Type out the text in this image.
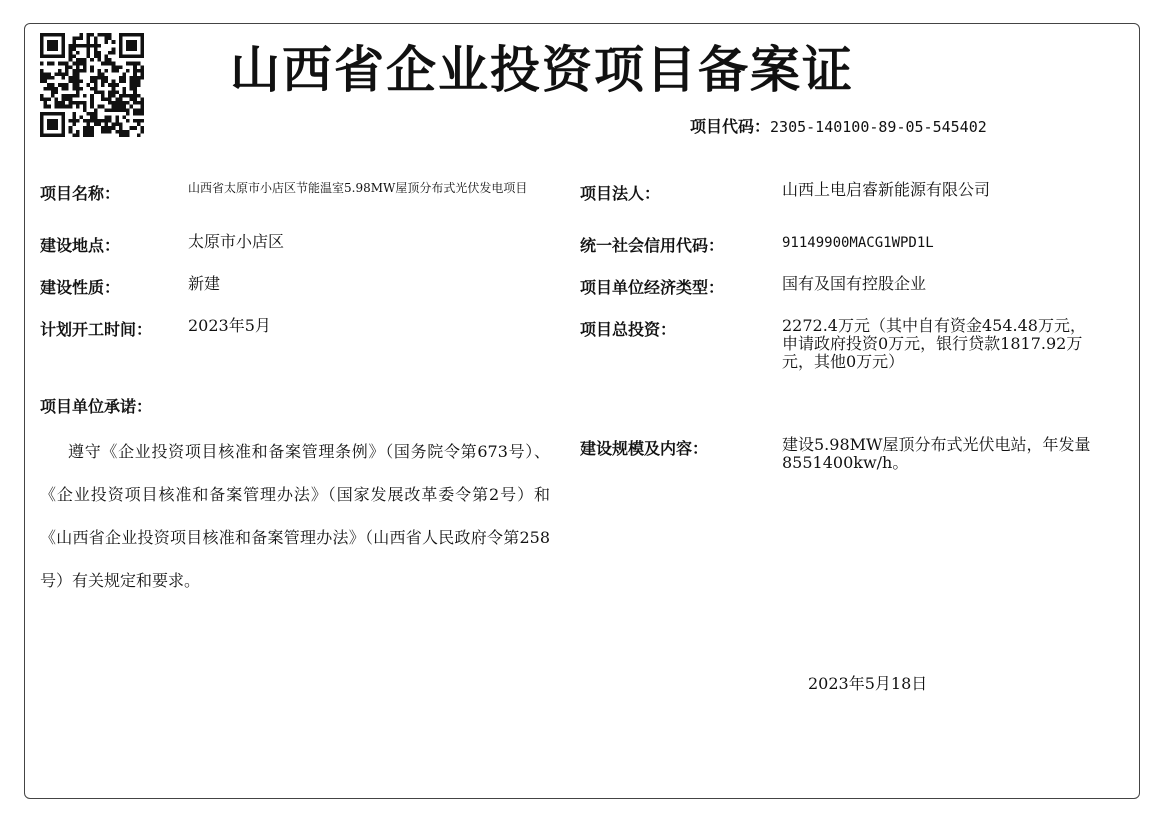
山西省企业投资项目备案证
项目代码：2305-140100-89-05-545402
项目名称：	山西省太原市小店区节能温室5.98MW屋顶分布式光伏发电项目
建设地点：	太原市小店区
建设性质：	新建
计划开工时间： 2023年5月
项目法人：	山西上电启睿新能源有限公司
统一社会信用代码：	91149900MACG1WPD1L
项目单位经济类型：	国有及国有控股企业
项目总投资：	2272.4万元（其中自有资金454.48万元，申请政府投资0万元，银行贷款1817.92万元，其他0万元）
项目单位承诺：
遵守《企业投资项目核准和备案管理条例》（国务院令第673号）、《企业投资项目核准和备案管理办法》（国家发展改革委令第2号）和《山西省企业投资项目核准和备案管理办法》（山西省人民政府令第258号）有关规定和要求。
建设规模及内容：	建设5.98MW屋顶分布式光伏电站，年发量8551400kw/h。
2023年5月18日
